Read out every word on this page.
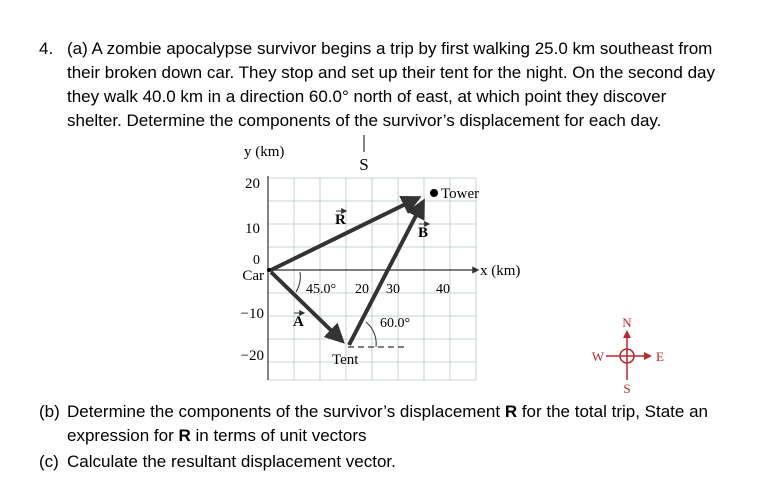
4. (a) A zombie apocalypse survivor begins a trip by first walking 25.0 km southeast from
their broken down car. They stop and set up their tent for the night. On the second day
they walk 40.0 km in a direction 60.0° north of east, at which point they discover
shelter. Determine the components of the survivor’s displacement for each day.
(b) Determine the components of the survivor’s displacement R for the total trip, State an
expression for R in terms of unit vectors
(c) Calculate the resultant displacement vector.
S
y (km)
x (km)
20
10
0
Car
−10
−20
45.0° 20 30	40
Tower
Tent
60.0°
R
B
A	N
S
E
W
